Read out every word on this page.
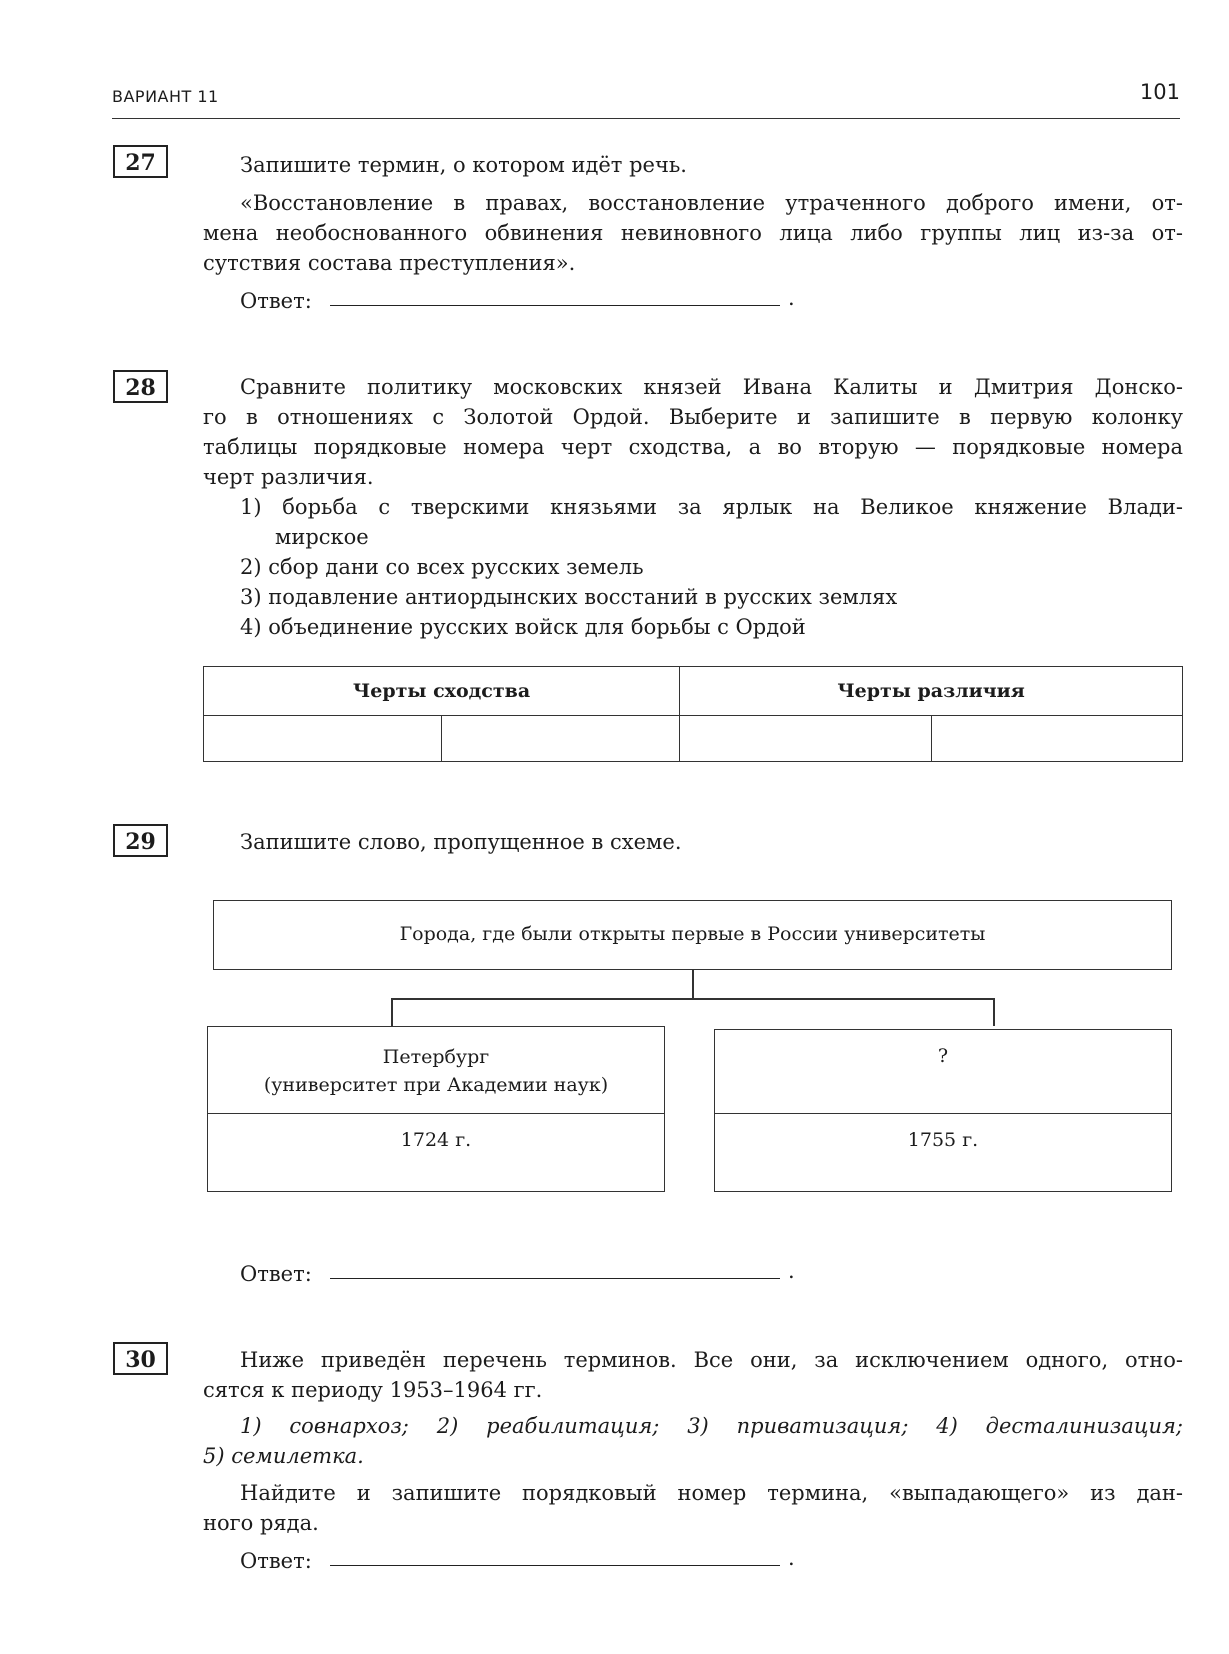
ВАРИАНТ 11	101
27	Запишите термин, о котором идёт речь.
«Восстановление в правах, восстановление утраченного доброго имени, от-
мена необоснованного обвинения невиновного лица либо группы лиц из-за от-
сутствия состава преступления».
Ответ:	.
28	Сравните политику московских князей Ивана Калиты и Дмитрия Донско-
го в отношениях с Золотой Ордой. Выберите и запишите в первую колонку
таблицы порядковые номера черт сходства, а во вторую — порядковые номера
черт различия.
1) борьба с тверскими князьями за ярлык на Великое княжение Влади-
мирское
2) сбор дани со всех русских земель
3) подавление антиордынских восстаний в русских землях
4) объединение русских войск для борьбы с Ордой
Черты сходства		Черты различия	

29	Запишите слово, пропущенное в схеме.
Города, где были открыты первые в России университеты
Петербург
(университет при Академии наук)
1724 г.
?
1755 г.
Ответ:	.
30	Ниже приведён перечень терминов. Все они, за исключением одного, отно-
сятся к периоду 1953–1964 гг.
1) совнархоз; 2) реабилитация; 3) приватизация; 4) десталинизация;
5) семилетка.
Найдите и запишите порядковый номер термина, «выпадающего» из дан-
ного ряда.
Ответ:	.
